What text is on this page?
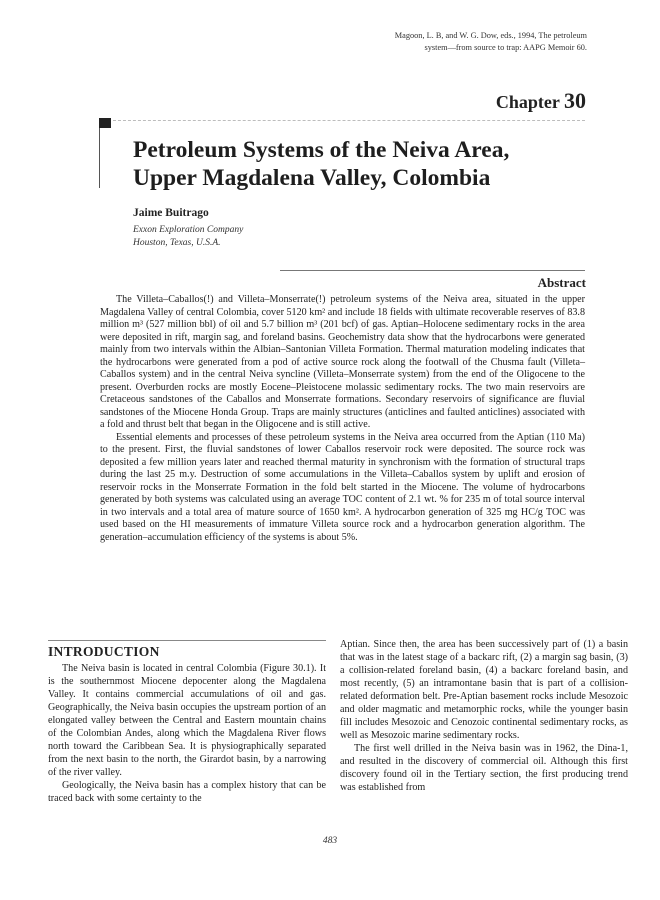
Magoon, L. B, and W. G. Dow, eds., 1994, The petroleum
system—from source to trap: AAPG Memoir 60.
Chapter 30
Petroleum Systems of the Neiva Area,
Upper Magdalena Valley, Colombia
Jaime Buitrago
Exxon Exploration Company
Houston, Texas, U.S.A.
Abstract

The Villeta–Caballos(!) and Villeta–Monserrate(!) petroleum systems of the Neiva area, situated in the upper Magdalena Valley of central Colombia, cover 5120 km² and include 18 fields with ultimate recoverable reserves of 83.8 million m³ (527 million bbl) of oil and 5.7 billion m³ (201 bcf) of gas. Aptian–Holocene sedimentary rocks in the area were deposited in rift, margin sag, and foreland basins. Geochemistry data show that the hydrocarbons were generated mainly from two intervals within the Albian–Santonian Villeta Formation. Thermal maturation modeling indicates that the hydrocarbons were generated from a pod of active source rock along the footwall of the Chusma fault (Villeta–Caballos system) and in the central Neiva syncline (Villeta–Monserrate system) from the end of the Oligocene to the present. Overburden rocks are mostly Eocene–Pleistocene molassic sedimentary rocks. The two main reservoirs are Cretaceous sandstones of the Caballos and Monserrate formations. Secondary reservoirs of significance are fluvial sandstones of the Miocene Honda Group. Traps are mainly structures (anticlines and faulted anticlines) associated with a fold and thrust belt that began in the Oligocene and is still active.

Essential elements and processes of these petroleum systems in the Neiva area occurred from the Aptian (110 Ma) to the present. First, the fluvial sandstones of lower Caballos reservoir rock were deposited. The source rock was deposited a few million years later and reached thermal maturity in synchronism with the formation of structural traps during the last 25 m.y. Destruction of some accumulations in the Villeta–Caballos system by uplift and erosion of reservoir rocks in the Monserrate Formation in the fold belt started in the Miocene. The volume of hydrocarbons generated by both systems was calculated using an average TOC content of 2.1 wt. % for 235 m of total source interval in two intervals and a total area of mature source of 1650 km². A hydrocarbon generation of 325 mg HC/g TOC was used based on the HI measurements of immature Villeta source rock and a hydrocarbon generation algorithm. The generation–accumulation efficiency of the systems is about 5%.

INTRODUCTION

The Neiva basin is located in central Colombia (Figure 30.1). It is the southernmost Miocene depocenter along the Magdalena Valley. It contains commercial accumulations of oil and gas. Geographically, the Neiva basin occupies the upstream portion of an elongated valley between the Central and Eastern mountain chains of the Colombian Andes, along which the Magdalena River flows north toward the Caribbean Sea. It is physiographically separated from the next basin to the north, the Girardot basin, by a narrowing of the river valley.

Geologically, the Neiva basin has a complex history that can be traced back with some certainty to the

Aptian. Since then, the area has been successively part of (1) a basin that was in the latest stage of a backarc rift, (2) a margin sag basin, (3) a collision-related foreland basin, (4) a backarc foreland basin, and most recently, (5) an intramontane basin that is part of a collision-related deformation belt. Pre-Aptian basement rocks include Mesozoic and older magmatic and metamorphic rocks, while the younger basin fill includes Mesozoic and Cenozoic continental sedimentary rocks, as well as Mesozoic marine sedimentary rocks.

The first well drilled in the Neiva basin was in 1962, the Dina-1, and resulted in the discovery of commercial oil. Although this first discovery found oil in the Tertiary section, the first producing trend was established from

483
